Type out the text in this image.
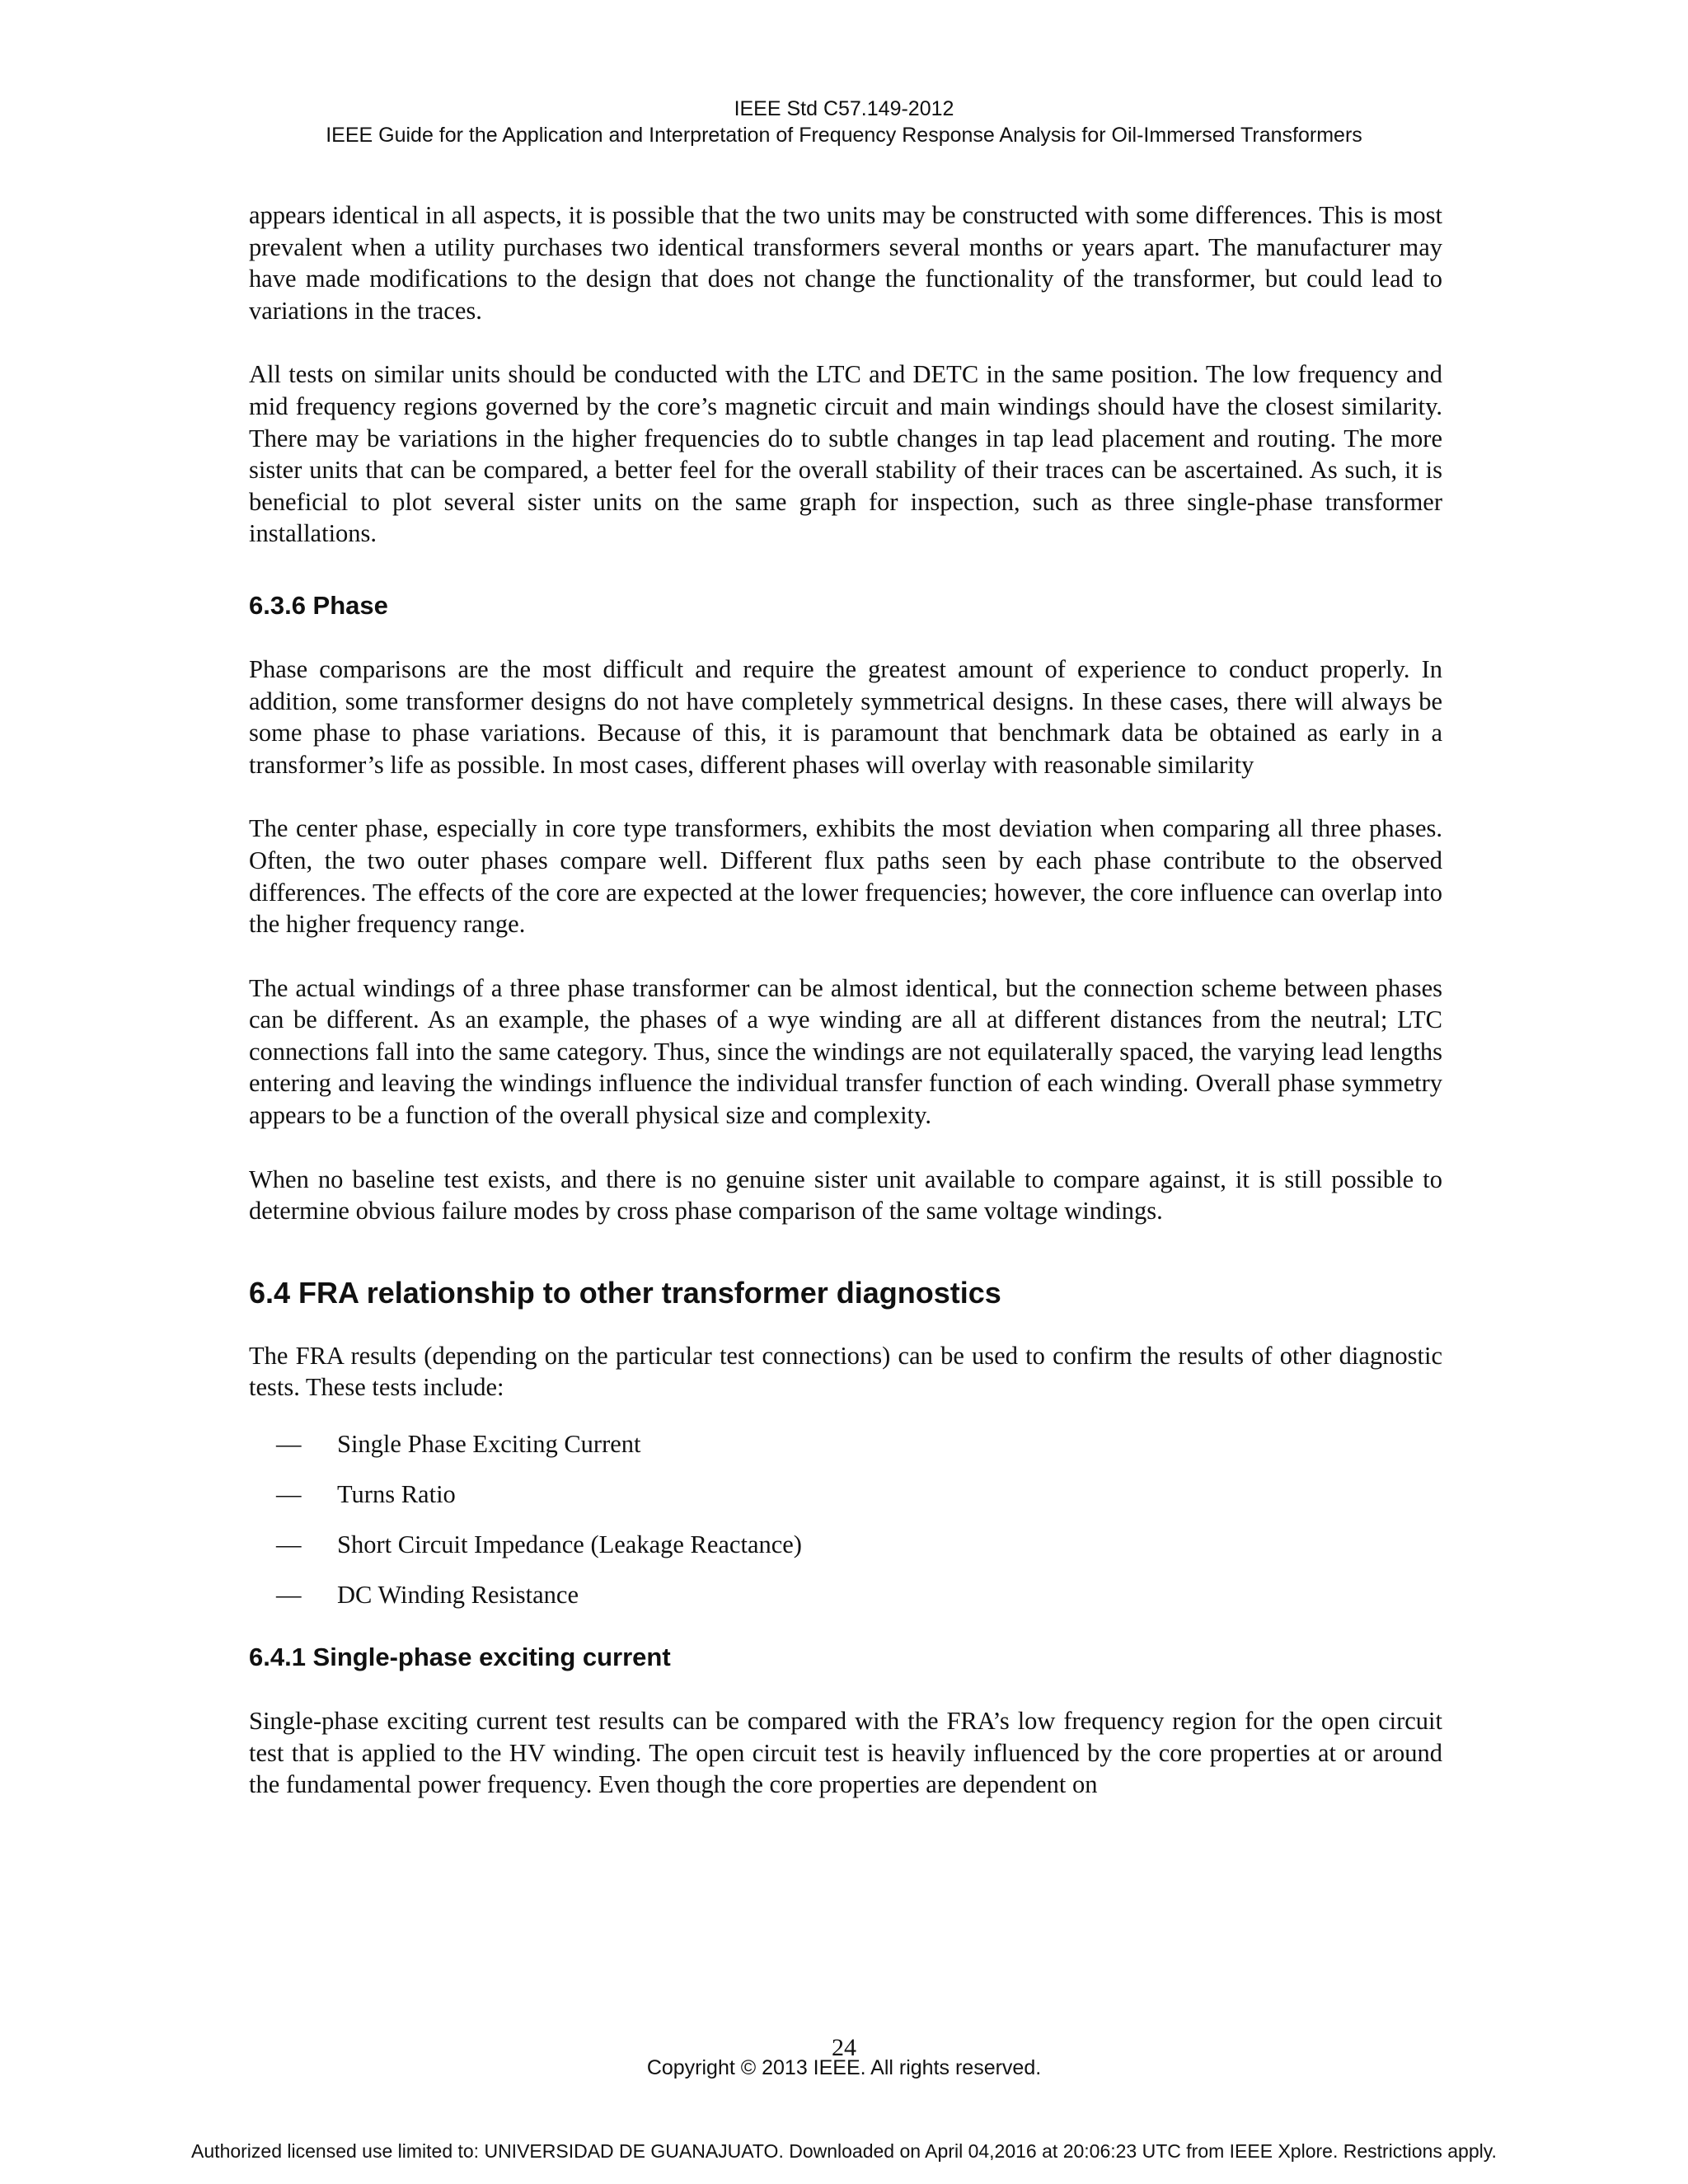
IEEE Std C57.149-2012
IEEE Guide for the Application and Interpretation of Frequency Response Analysis for Oil-Immersed Transformers

appears identical in all aspects, it is possible that the two units may be constructed with some differences. This is most prevalent when a utility purchases two identical transformers several months or years apart. The manufacturer may have made modifications to the design that does not change the functionality of the transformer, but could lead to variations in the traces.

All tests on similar units should be conducted with the LTC and DETC in the same position. The low frequency and mid frequency regions governed by the core’s magnetic circuit and main windings should have the closest similarity. There may be variations in the higher frequencies do to subtle changes in tap lead placement and routing. The more sister units that can be compared, a better feel for the overall stability of their traces can be ascertained. As such, it is beneficial to plot several sister units on the same graph for inspection, such as three single-phase transformer installations.

6.3.6 Phase

Phase comparisons are the most difficult and require the greatest amount of experience to conduct properly. In addition, some transformer designs do not have completely symmetrical designs. In these cases, there will always be some phase to phase variations. Because of this, it is paramount that benchmark data be obtained as early in a transformer’s life as possible. In most cases, different phases will overlay with reasonable similarity

The center phase, especially in core type transformers, exhibits the most deviation when comparing all three phases. Often, the two outer phases compare well. Different flux paths seen by each phase contribute to the observed differences. The effects of the core are expected at the lower frequencies; however, the core influence can overlap into the higher frequency range.

The actual windings of a three phase transformer can be almost identical, but the connection scheme between phases can be different. As an example, the phases of a wye winding are all at different distances from the neutral; LTC connections fall into the same category. Thus, since the windings are not equilaterally spaced, the varying lead lengths entering and leaving the windings influence the individual transfer function of each winding. Overall phase symmetry appears to be a function of the overall physical size and complexity.

When no baseline test exists, and there is no genuine sister unit available to compare against, it is still possible to determine obvious failure modes by cross phase comparison of the same voltage windings.

6.4 FRA relationship to other transformer diagnostics

The FRA results (depending on the particular test connections) can be used to confirm the results of other diagnostic tests. These tests include:

—	Single Phase Exciting Current
—	Turns Ratio
—	Short Circuit Impedance (Leakage Reactance)
—	DC Winding Resistance
6.4.1 Single-phase exciting current

Single-phase exciting current test results can be compared with the FRA’s low frequency region for the open circuit test that is applied to the HV winding. The open circuit test is heavily influenced by the core properties at or around the fundamental power frequency. Even though the core properties are dependent on

24
Copyright © 2013 IEEE. All rights reserved.
Authorized licensed use limited to: UNIVERSIDAD DE GUANAJUATO. Downloaded on April 04,2016 at 20:06:23 UTC from IEEE Xplore. Restrictions apply.
